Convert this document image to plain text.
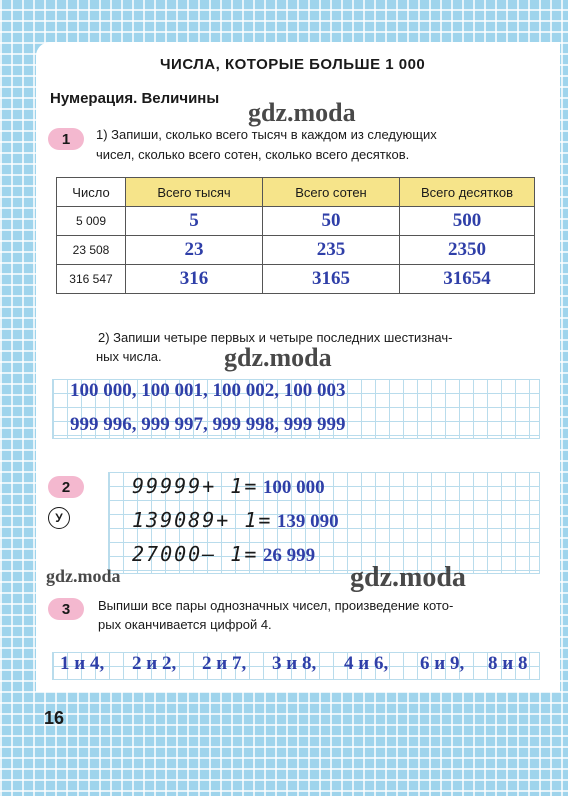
ЧИСЛА, КОТОРЫЕ БОЛЬШЕ 1 000
Нумерация. Величины gdz.moda
1	1) Запиши, сколько всего тысяч в каждом из следующих
чисел, сколько всего сотен, сколько всего десятков.
Число	Всего тысяч	Всего сотен	Всего десятков
5 009	5	50	500
23 508	23	235	2350
316 547	316	3165	31654
2) Запиши четыре первых и четыре последних шестизнач-
ных числа. gdz.moda
100 000, 100 001, 100 002, 100 003
999 996, 999 997, 999 998, 999 999
2
У
99999+ 1= 100 000
139089+ 1= 139 090
27000– 1= 26 999
gdz.moda	gdz.moda
3	Выпиши все пары однозначных чисел, произведение кото-
рых оканчивается цифрой 4.
1 и 4, 2 и 2, 2 и 7, 3 и 8, 4 и 6, 6 и 9, 8 и 8
16
